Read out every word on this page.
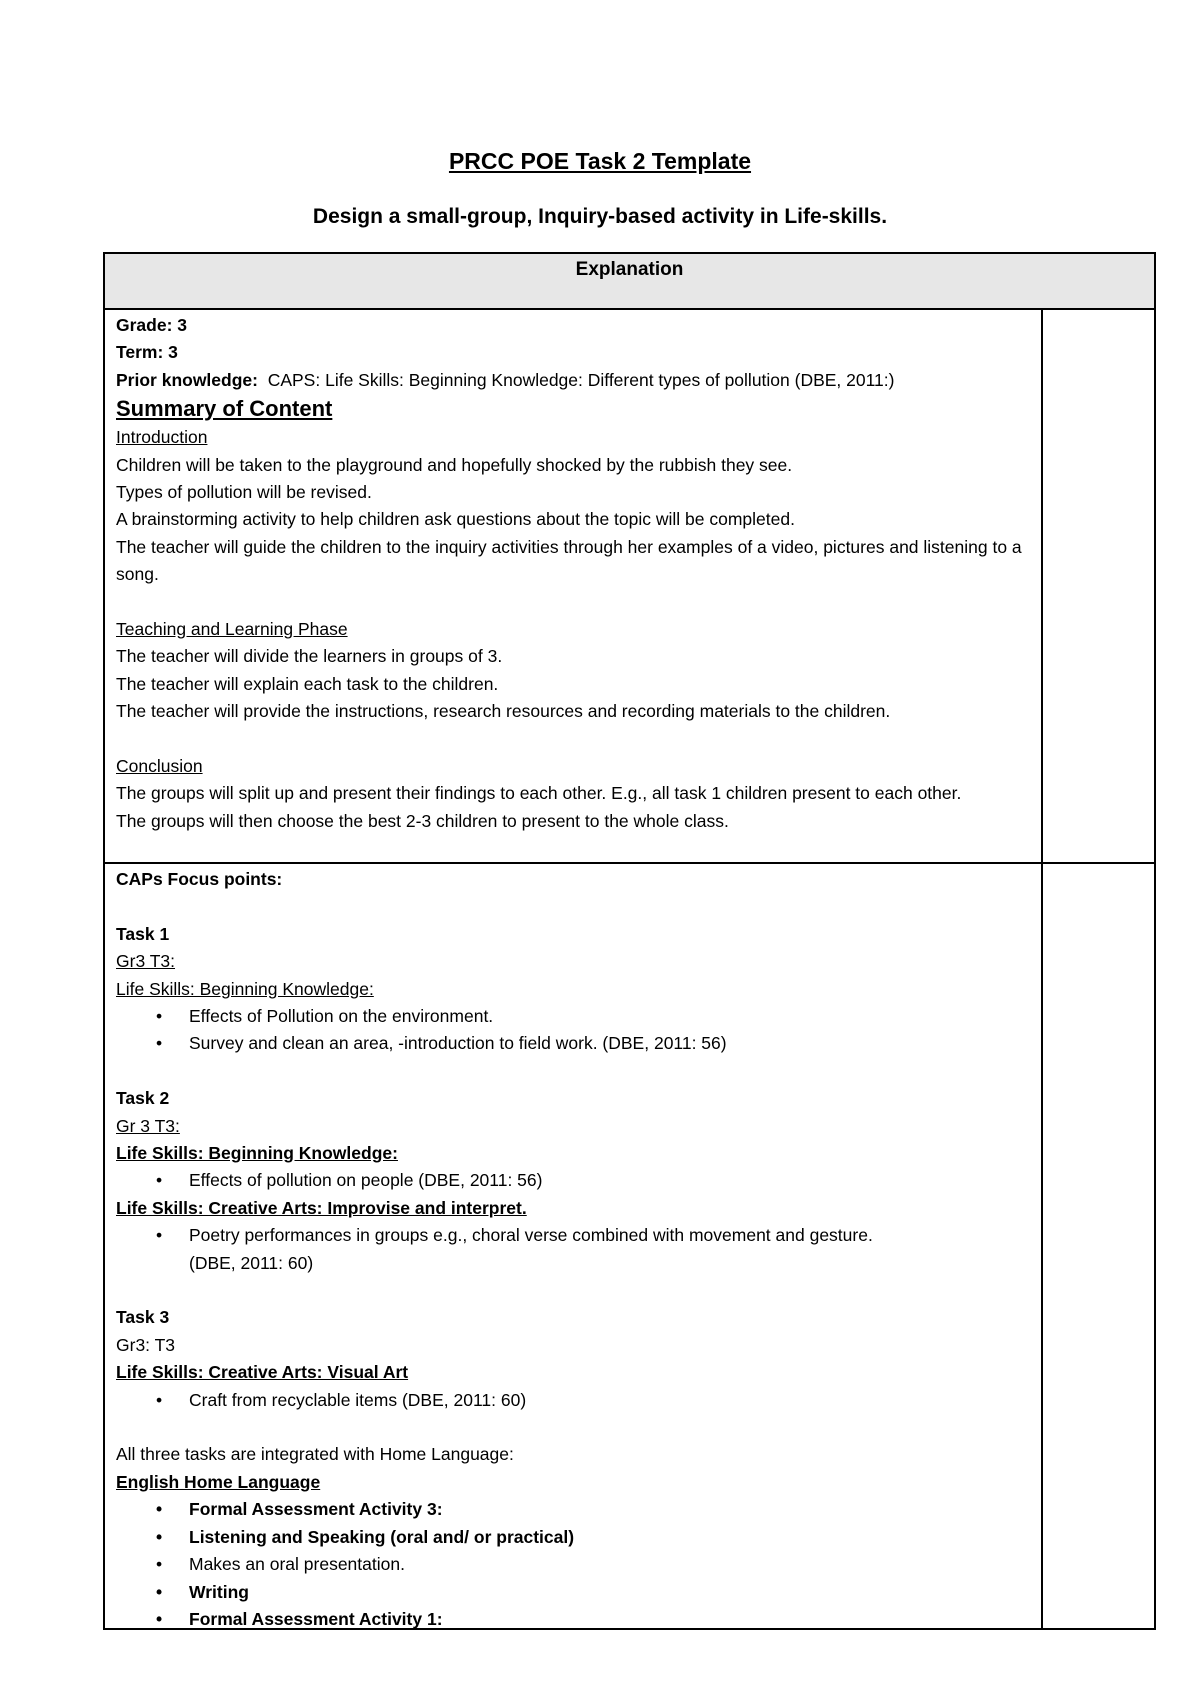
PRCC POE Task 2 Template
Design a small-group, Inquiry-based activity in Life-skills.
Explanation

Grade: 3

Term: 3

Prior knowledge: CAPS: Life Skills: Beginning Knowledge: Different types of pollution (DBE, 2011:)

Summary of Content

Introduction

Children will be taken to the playground and hopefully shocked by the rubbish they see.

Types of pollution will be revised.

A brainstorming activity to help children ask questions about the topic will be completed.

The teacher will guide the children to the inquiry activities through her examples of a video, pictures and listening to a song.

Teaching and Learning Phase

The teacher will divide the learners in groups of 3.

The teacher will explain each task to the children.

The teacher will provide the instructions, research resources and recording materials to the children.

Conclusion

The groups will split up and present their findings to each other. E.g., all task 1 children present to each other.

The groups will then choose the best 2-3 children to present to the whole class.

CAPs Focus points:

Task 1

Gr3 T3:

Life Skills: Beginning Knowledge:

• Effects of Pollution on the environment.
• Survey and clean an area, -introduction to field work. (DBE, 2011: 56)

Task 2

Gr 3 T3:

Life Skills: Beginning Knowledge:

• Effects of pollution on people (DBE, 2011: 56)

Life Skills: Creative Arts: Improvise and interpret.

• Poetry performances in groups e.g., choral verse combined with movement and gesture.
(DBE, 2011: 60)

Task 3

Gr3: T3

Life Skills: Creative Arts: Visual Art

• Craft from recyclable items (DBE, 2011: 60)

All three tasks are integrated with Home Language:

English Home Language

• Formal Assessment Activity 3:
• Listening and Speaking (oral and/ or practical)
• Makes an oral presentation.
• Writing
• Formal Assessment Activity 1:
